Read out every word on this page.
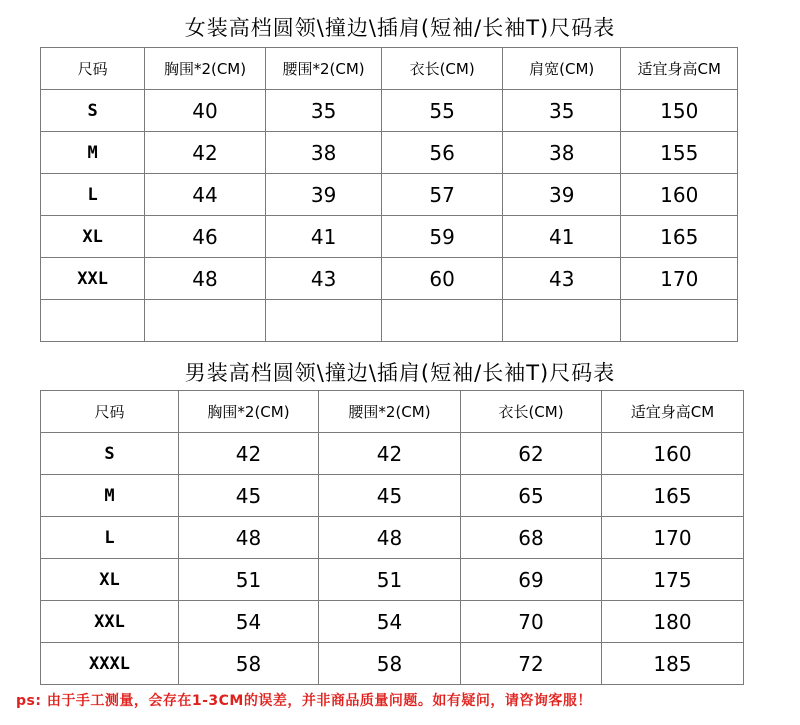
女装高档圆领\撞边\插肩(短袖/长袖T)尺码表
尺码	胸围*2(CM)	腰围*2(CM)	衣长(CM)	肩宽(CM)	适宜身高CM
S	40	35	55	35	150
M	42	38	56	38	155
L	44	39	57	39	160
XL	46	41	59	41	165
XXL	48	43	60	43	170

男装高档圆领\撞边\插肩(短袖/长袖T)尺码表
尺码	胸围*2(CM)	腰围*2(CM)	衣长(CM)	适宜身高CM
S	42	42	62	160
M	45	45	65	165
L	48	48	68	170
XL	51	51	69	175
XXL	54	54	70	180
XXXL	58	58	72	185
ps: 由于手工测量，会存在1-3CM的误差，并非商品质量问题。如有疑问，请咨询客服！
